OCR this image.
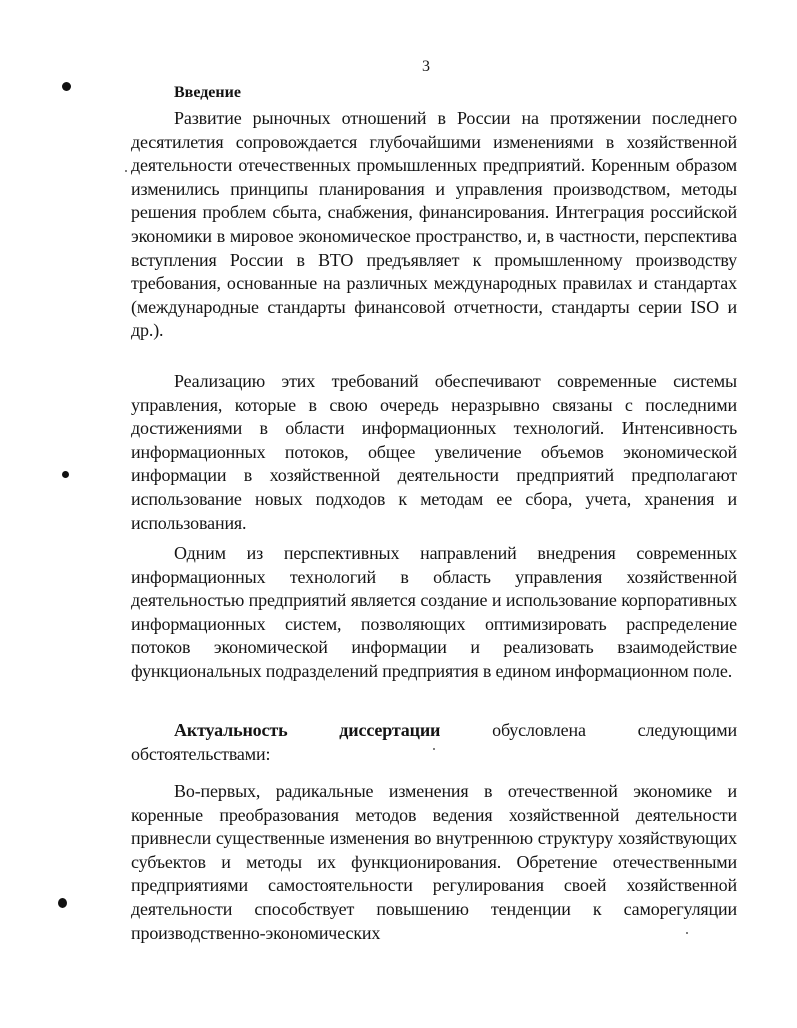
3
Введение

Развитие рыночных отношений в России на протяжении последнего десятилетия сопровождается глубочайшими изменениями в хозяйственной деятельности отечественных промышленных предприятий. Коренным образом изменились принципы планирования и управления производством, методы решения проблем сбыта, снабжения, финансирования. Интеграция российской экономики в мировое экономическое пространство, и, в частности, перспектива вступления России в ВТО предъявляет к промышленному производству требования, основанные на различных международных правилах и стандартах (международные стандарты финансовой отчетности, стандарты серии ISO и др.).

Реализацию этих требований обеспечивают современные системы управления, которые в свою очередь неразрывно связаны с последними достижениями в области информационных технологий. Интенсивность информационных потоков, общее увеличение объемов экономической информации в хозяйственной деятельности предприятий предполагают использование новых подходов к методам ее сбора, учета, хранения и использования.

Одним из перспективных направлений внедрения современных информационных технологий в область управления хозяйственной деятельностью предприятий является создание и использование корпоративных информационных систем, позволяющих оптимизировать распределение потоков экономической информации и реализовать взаимодействие функциональных подразделений предприятия в едином информационном поле.

Актуальность диссертации обусловлена следующими обстоятельствами:

Во-первых, радикальные изменения в отечественной экономике и коренные преобразования методов ведения хозяйственной деятельности привнесли существенные изменения во внутреннюю структуру хозяйствующих субъектов и методы их функционирования. Обретение отечественными предприятиями самостоятельности регулирования своей хозяйственной деятельности способствует повышению тенденции к саморегуляции производственно-экономических
